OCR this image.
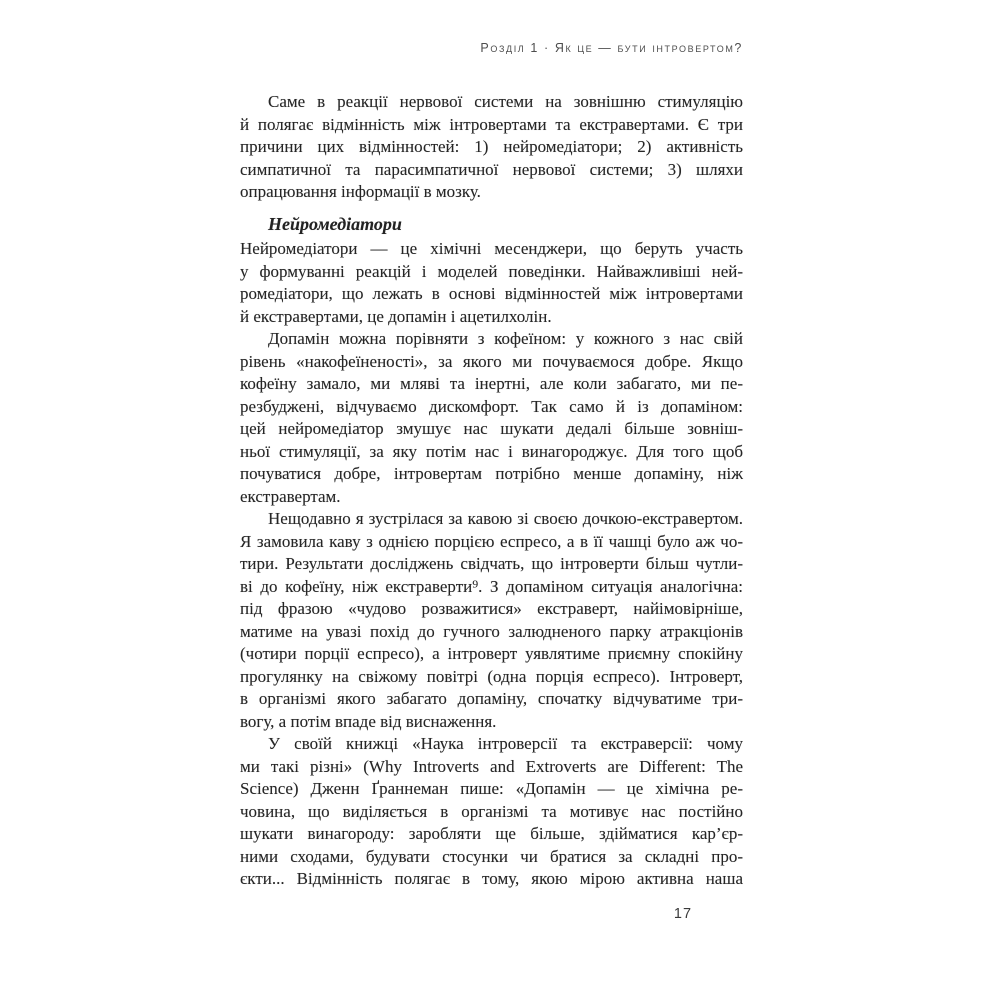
Розділ 1 · Як це — бути інтровертом?
Саме в реакції нервової системи на зовнішню стимуляцію
й полягає відмінність між інтровертами та екстравертами. Є три
причини цих відмінностей: 1) нейромедіатори; 2) активність
симпатичної та парасимпатичної нервової системи; 3) шляхи
опрацювання інформації в мозку.
Нейромедіатори
Нейромедіатори — це хімічні месенджери, що беруть участь
у формуванні реакцій і моделей поведінки. Найважливіші ней-
ромедіатори, що лежать в основі відмінностей між інтровертами
й екстравертами, це допамін і ацетилхолін.
Допамін можна порівняти з кофеїном: у кожного з нас свій
рівень «накофеїненості», за якого ми почуваємося добре. Якщо
кофеїну замало, ми мляві та інертні, але коли забагато, ми пе-
резбуджені, відчуваємо дискомфорт. Так само й із допаміном:
цей нейромедіатор змушує нас шукати дедалі більше зовніш-
ньої стимуляції, за яку потім нас і винагороджує. Для того щоб
почуватися добре, інтровертам потрібно менше допаміну, ніж
екстравертам.
Нещодавно я зустрілася за кавою зі своєю дочкою-екстравертом.
Я замовила каву з однією порцією еспресо, а в її чашці було аж чо-
тири. Результати досліджень свідчать, що інтроверти більш чутли-
ві до кофеїну, ніж екстраверти⁹. З допаміном ситуація аналогічна:
під фразою «чудово розважитися» екстраверт, найімовірніше,
матиме на увазі похід до гучного залюдненого парку атракціонів
(чотири порції еспресо), а інтроверт уявлятиме приємну спокійну
прогулянку на свіжому повітрі (одна порція еспресо). Інтроверт,
в організмі якого забагато допаміну, спочатку відчуватиме три-
вогу, а потім впаде від виснаження.
У своїй книжці «Наука інтроверсії та екстраверсії: чому
ми такі різні» (Why Introverts and Extroverts are Different: The
Science) Дженн Ґраннеман пише: «Допамін — це хімічна ре-
човина, що виділяється в організмі та мотивує нас постійно
шукати винагороду: заробляти ще більше, здійматися кар’єр-
ними сходами, будувати стосунки чи братися за складні про-
єкти... Відмінність полягає в тому, якою мірою активна наша
17
